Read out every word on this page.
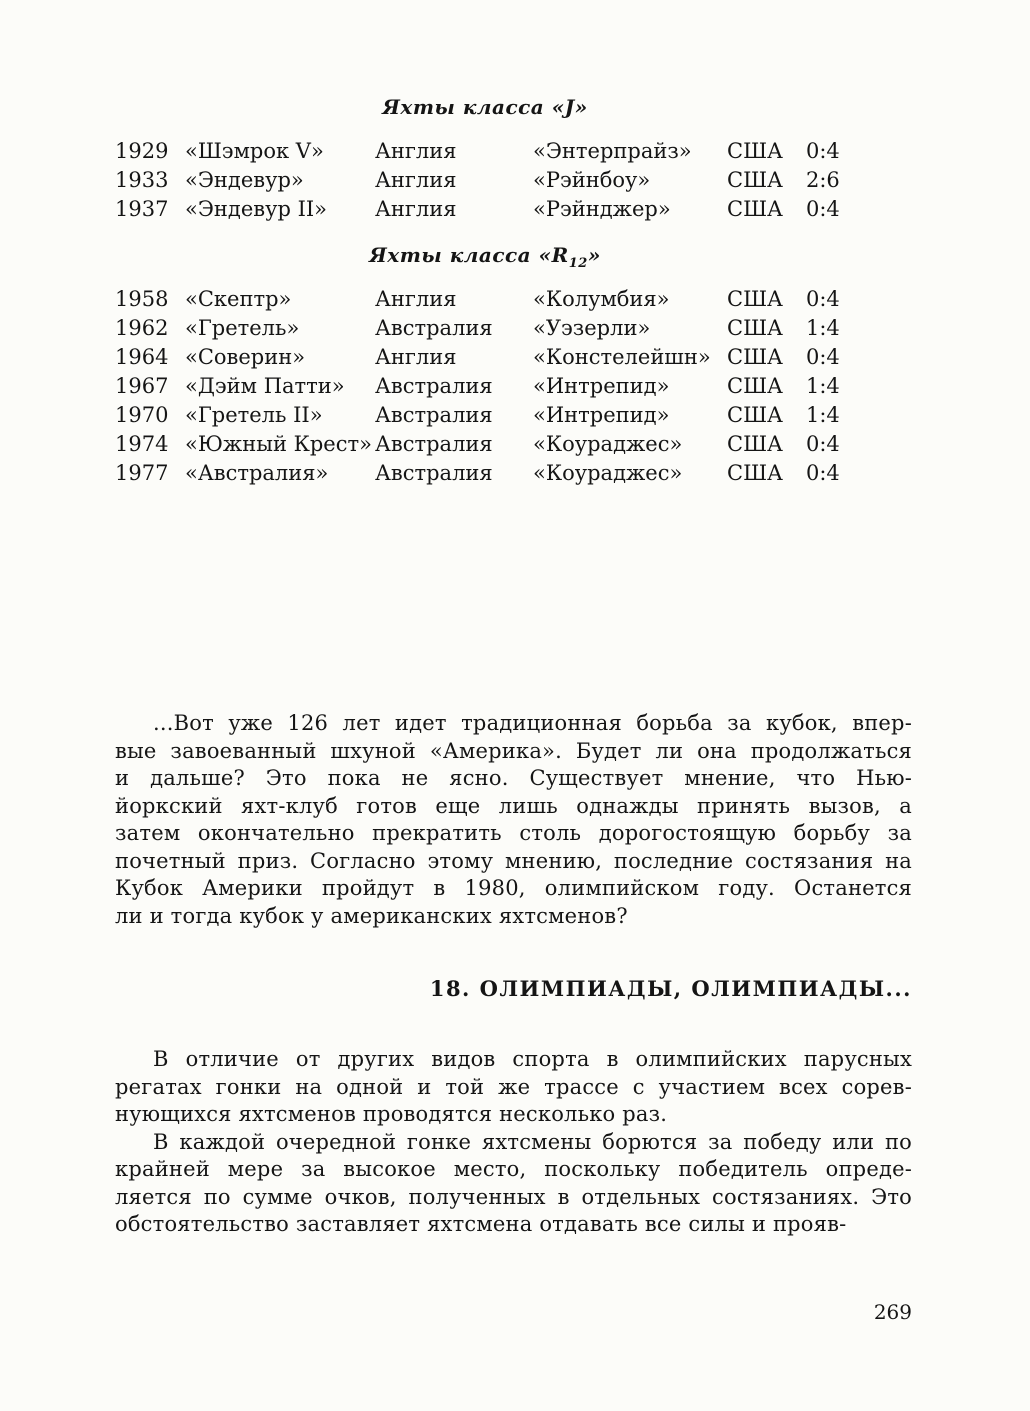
Яхты класса «J»
1929 «Шэмрок V»	Англия	«Энтерпрайз»	США	0:4
1933 «Эндевур»	Англия	«Рэйнбоу»	США	2:6
1937 «Эндевур II»	Англия	«Рэйнджер»	США	0:4
Яхты класса «$R_{12}$»
1958 «Скептр»	Англия	«Колумбия»	США	0:4
1962 «Гретель»	Австралия	«Уэзерли»	США	1:4
1964 «Соверин»	Англия	«Констелейшн» США	0:4
1967 «Дэйм Патти»	Австралия	«Интрепид»	США	1:4
1970 «Гретель II»	Австралия	«Интрепид»	США	1:4
1974 «Южный Крест» Австралия	«Коураджес»	США	0:4
1977 «Австралия»	Австралия	«Коураджес»	США	0:4
...Вот уже 126 лет идет традиционная борьба за кубок, впер-
вые завоеванный шхуной «Америка». Будет ли она продолжаться
и дальше? Это пока не ясно. Существует мнение, что Нью-
йоркский яхт-клуб готов еще лишь однажды принять вызов, а
затем окончательно прекратить столь дорогостоящую борьбу за
почетный приз. Согласно этому мнению, последние состязания на
Кубок Америки пройдут в 1980, олимпийском году. Останется
ли и тогда кубок у американских яхтсменов?
18. ОЛИМПИАДЫ, ОЛИМПИАДЫ...
В отличие от других видов спорта в олимпийских парусных
регатах гонки на одной и той же трассе с участием всех сорев-
нующихся яхтсменов проводятся несколько раз.
В каждой очередной гонке яхтсмены борются за победу или по
крайней мере за высокое место, поскольку победитель опреде-
ляется по сумме очков, полученных в отдельных состязаниях. Это
обстоятельство заставляет яхтсмена отдавать все силы и прояв-
269
